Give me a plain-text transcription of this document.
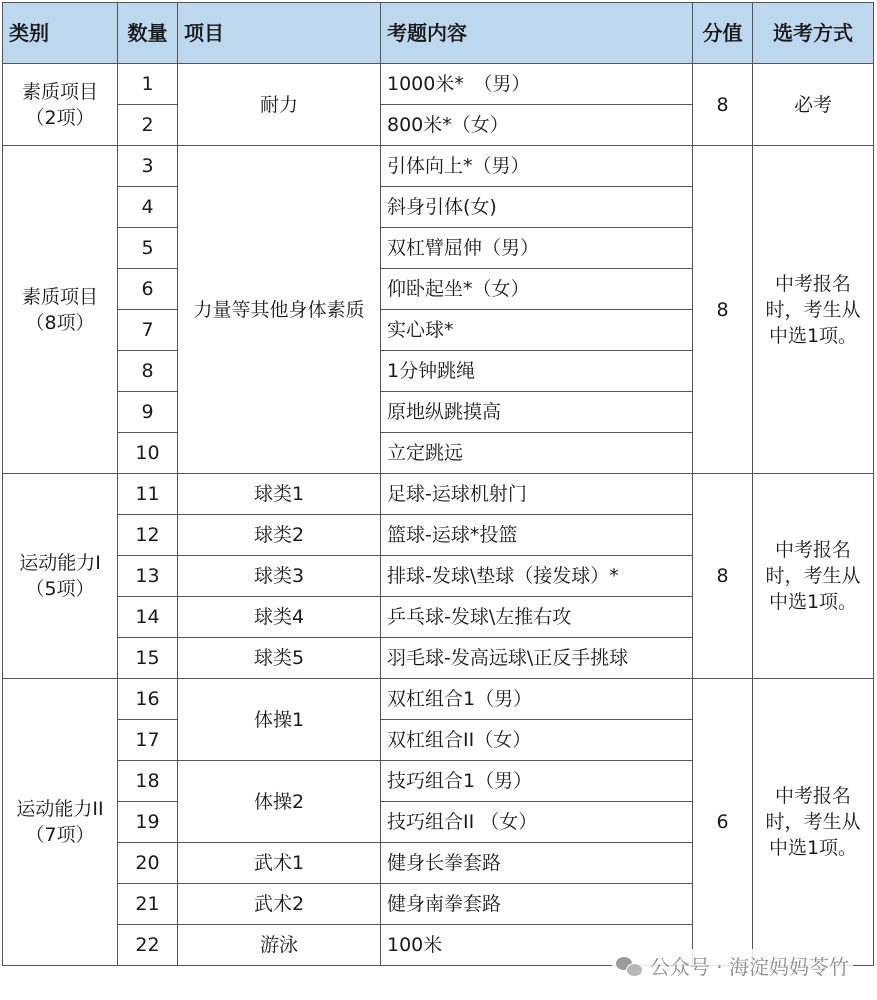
类别	数量	项目	考题内容	分值	选考方式
素质项目
（2项）	1	耐力	1000米*　（男）	8	必考
	2		800米*（女）		
素质项目
（8项）	3	力量等其他身体素质	引体向上*（男）	8	中考报名时，考生从中选1项。
	4		斜身引体(女)		
	5		双杠臂屈伸（男）		
	6		仰卧起坐*（女）		
	7		实心球*		
	8		1分钟跳绳		
	9		原地纵跳摸高		
	10		立定跳远		
运动能力I
（5项）	11	球类1	足球-运球机射门	8	中考报名时，考生从中选1项。
	12	球类2	篮球-运球*投篮		
	13	球类3	排球-发球\垫球（接发球）*		
	14	球类4	乒乓球-发球\左推右攻		
	15	球类5	羽毛球-发高远球\正反手挑球		
运动能力II
（7项）	16	体操1	双杠组合1（男）	6	中考报名时，考生从中选1项。
	17		双杠组合II（女）		
	18	体操2	技巧组合1（男）		
	19		技巧组合II （女）		
	20	武术1	健身长拳套路		
	21	武术2	健身南拳套路		
	22	游泳	100米		
公众号 · 海淀妈妈苓竹
